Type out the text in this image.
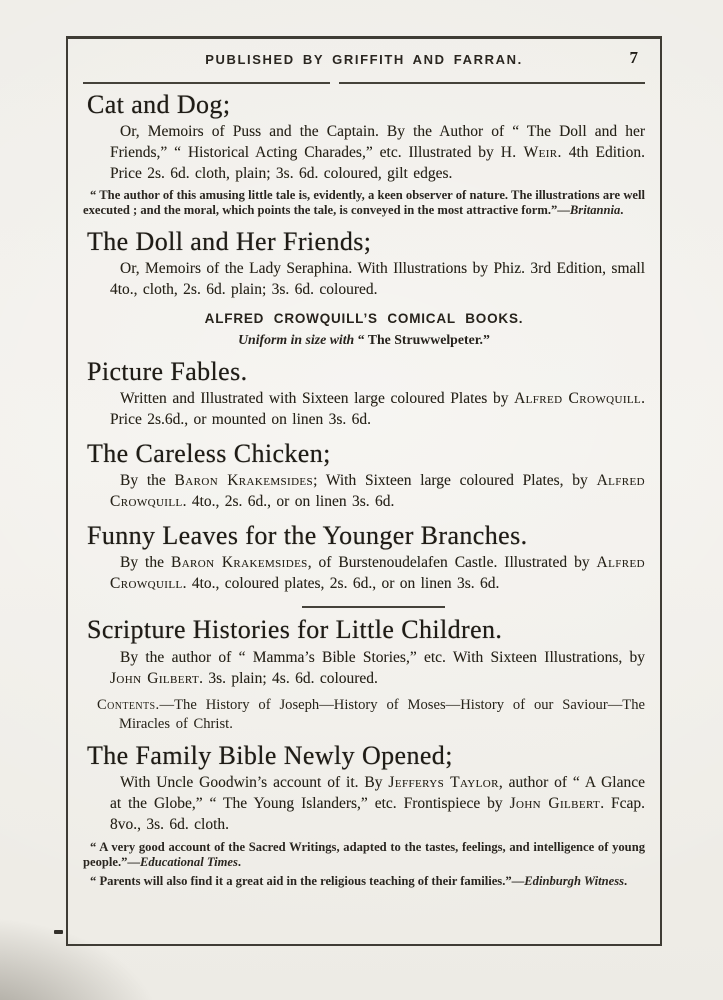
PUBLISHED BY GRIFFITH AND FARRAN.	7
Cat and Dog;

Or, Memoirs of Puss and the Captain. By the Author of “ The Doll and her Friends,” “ Historical Acting Charades,” etc. Illustrated by H. Weir. 4th Edition. Price 2s. 6d. cloth, plain; 3s. 6d. coloured, gilt edges.

“ The author of this amusing little tale is, evidently, a keen observer of nature. The illustrations are well executed ; and the moral, which points the tale, is conveyed in the most attractive form.”—Britannia.

The Doll and Her Friends;

Or, Memoirs of the Lady Seraphina. With Illustrations by Phiz. 3rd Edition, small 4to., cloth, 2s. 6d. plain; 3s. 6d. coloured.

ALFRED CROWQUILL’S COMICAL BOOKS.
Uniform in size with “ The Struwwelpeter.”
Picture Fables.

Written and Illustrated with Sixteen large coloured Plates by Alfred Crowquill. Price 2s.6d., or mounted on linen 3s. 6d.

The Careless Chicken;

By the Baron Krakemsides; With Sixteen large coloured Plates, by Alfred Crowquill. 4to., 2s. 6d., or on linen 3s. 6d.

Funny Leaves for the Younger Branches.

By the Baron Krakemsides, of Burstenoudelafen Castle. Illustrated by Alfred Crowquill. 4to., coloured plates, 2s. 6d., or on linen 3s. 6d.

Scripture Histories for Little Children.

By the author of “ Mamma’s Bible Stories,” etc. With Sixteen Illustrations, by John Gilbert. 3s. plain; 4s. 6d. coloured.

Contents.—The History of Joseph—History of Moses—History of our Saviour—The Miracles of Christ.

The Family Bible Newly Opened;

With Uncle Goodwin’s account of it. By Jefferys Taylor, author of “ A Glance at the Globe,” “ The Young Islanders,” etc. Frontispiece by John Gilbert. Fcap. 8vo., 3s. 6d. cloth.

“ A very good account of the Sacred Writings, adapted to the tastes, feelings, and intelligence of young people.”—Educational Times.

“ Parents will also find it a great aid in the religious teaching of their families.”—Edinburgh Witness.
